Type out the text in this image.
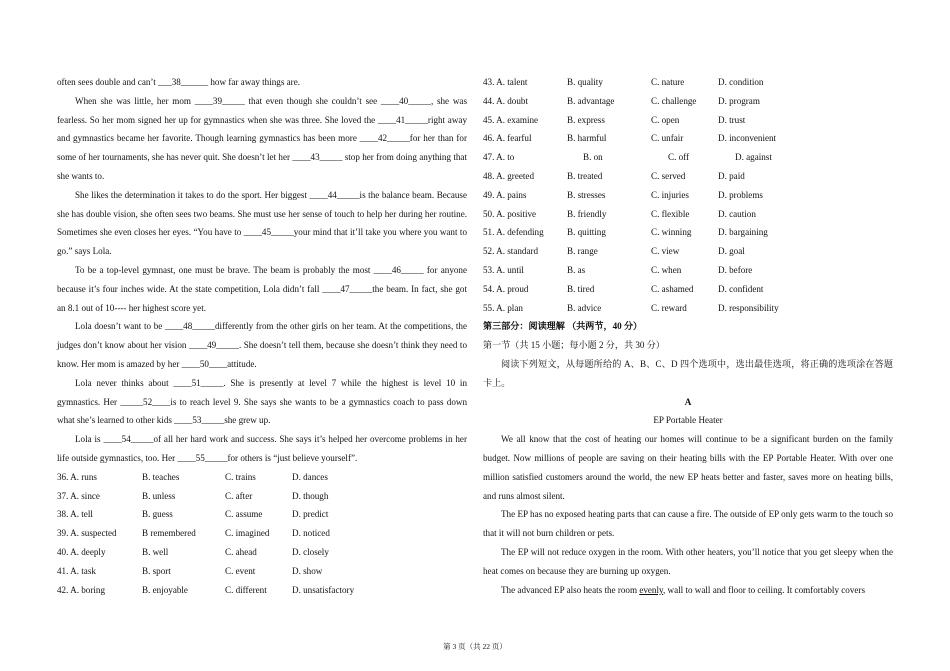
often sees double and can’t ___38______ how far away things are.

When she was little, her mom ____39_____ that even though she couldn’t see ____40_____, she was fearless. So her mom signed her up for gymnastics when she was three. She loved the ____41_____right away and gymnastics became her favorite. Though learning gymnastics has been more ____42_____for her than for some of her tournaments, she has never quit. She doesn’t let her ____43_____ stop her from doing anything that she wants to.

She likes the determination it takes to do the sport. Her biggest ____44_____is the balance beam. Because she has double vision, she often sees two beams. She must use her sense of touch to help her during her routine. Sometimes she even closes her eyes. “You have to ____45_____your mind that it’ll take you where you want to go.” says Lola.

To be a top-level gymnast, one must be brave. The beam is probably the most ____46_____ for anyone because it’s four inches wide. At the state competition, Lola didn’t fall ____47_____the beam. In fact, she got an 8.1 out of 10---- her highest score yet.

Lola doesn’t want to be ____48_____differently from the other girls on her team. At the competitions, the judges don’t know about her vision ____49_____. She doesn’t tell them, because she doesn’t think they need to know. Her mom is amazed by her ____50____attitude.

Lola never thinks about ____51_____. She is presently at level 7 while the highest is level 10 in gymnastics. Her _____52____is to reach level 9. She says she wants to be a gymnastics coach to pass down what she’s learned to other kids ____53_____she grew up.

Lola is ____54_____of all her hard work and success. She says it’s helped her overcome problems in her life outside gymnastics, too. Her ____55_____for others is “just believe yourself”.

36. A. runs	B. teaches	C. trains	D. dances
37. A. since	B. unless	C. after	D. though
38. A. tell	B. guess	C. assume	D. predict
39. A. suspected	B remembered	C. imagined D. noticed
40. A. deeply	B. well	C. ahead	D. closely
41. A. task	B. sport	C. event	D. show
42. A. boring	B. enjoyable	C. different	D. unsatisfactory
43. A. talent	B. quality	C. nature	D. condition
44. A. doubt	B. advantage	C. challenge D. program
45. A. examine	B. express	C. open	D. trust
46. A. fearful	B. harmful	C. unfair	D. inconvenient
47. A. to	B. on	C. off	D. against
48. A. greeted	B. treated	C. served	D. paid
49. A. pains	B. stresses	C. injuries	D. problems
50. A. positive	B. friendly	C. flexible	D. caution
51. A. defending	B. quitting	C. winning	D. bargaining
52. A. standard	B. range	C. view	D. goal
53. A. until	B. as	C. when	D. before
54. A. proud	B. tired	C. ashamed	D. confident
55. A. plan	B. advice	C. reward	D. responsibility

第三部分：阅读理解 （共两节，40 分）

第一节（共 15 小题；每小题 2 分，共 30 分）

阅读下列短文，从每题所给的 A、B、C、D 四个选项中，选出最佳选项，将正确的选项涂在答题卡上。

A

EP Portable Heater

We all know that the cost of heating our homes will continue to be a significant burden on the family budget. Now millions of people are saving on their heating bills with the EP Portable Heater. With over one million satisfied customers around the world, the new EP heats better and faster, saves more on heating bills, and runs almost silent.

The EP has no exposed heating parts that can cause a fire. The outside of EP only gets warm to the touch so that it will not burn children or pets.

The EP will not reduce oxygen in the room. With other heaters, you’ll notice that you get sleepy when the heat comes on because they are burning up oxygen.

The advanced EP also heats the room evenly, wall to wall and floor to ceiling. It comfortably covers

第 3 页（共 22 页）
